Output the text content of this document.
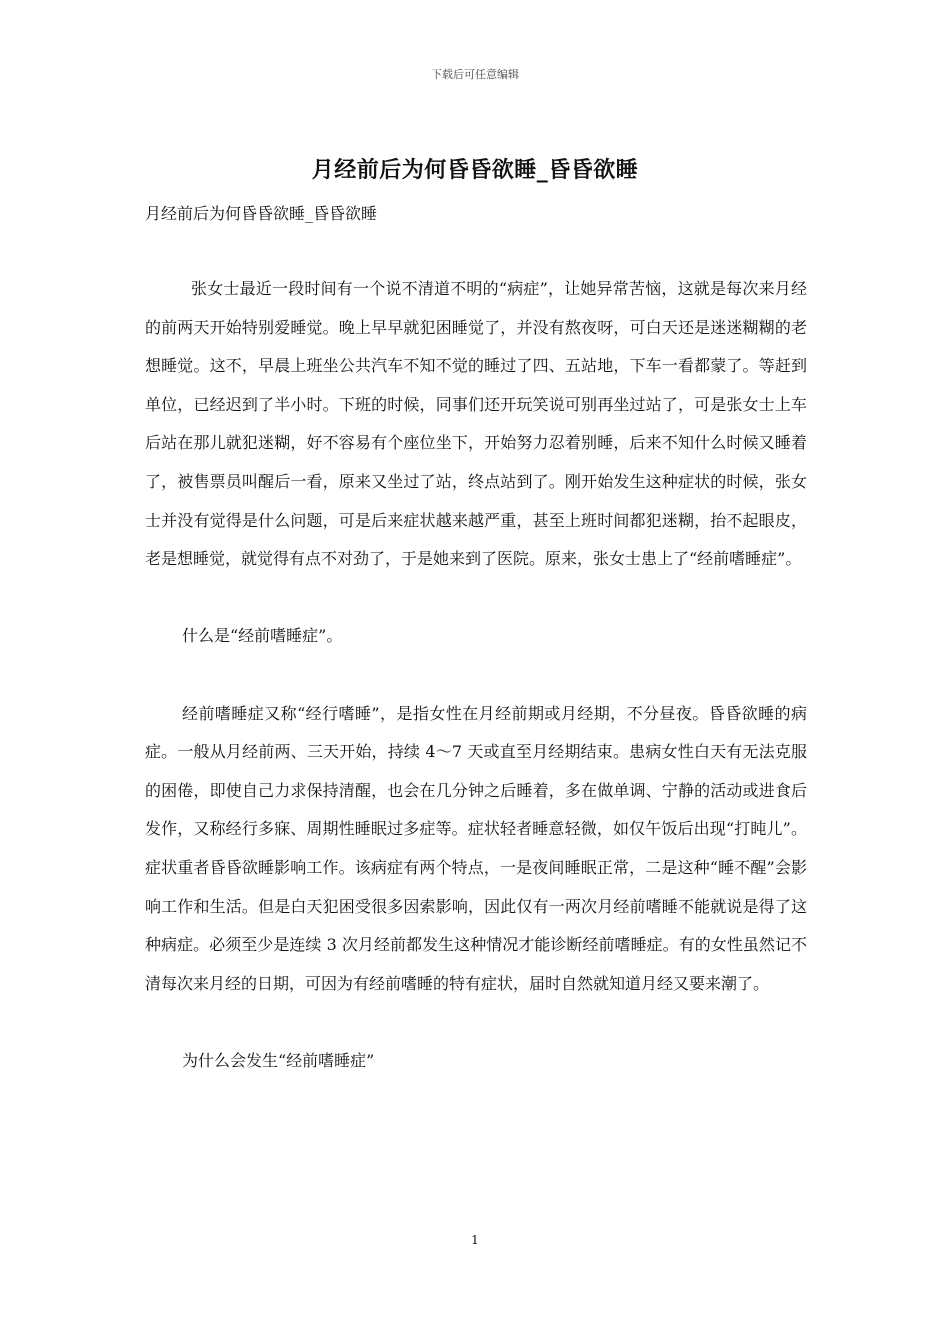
下载后可任意编辑
月经前后为何昏昏欲睡_昏昏欲睡
月经前后为何昏昏欲睡_昏昏欲睡

张女士最近一段时间有一个说不清道不明的“病症”，让她异常苦恼，这就是每次来月经的前两天开始特别爱睡觉。晚上早早就犯困睡觉了，并没有熬夜呀，可白天还是迷迷糊糊的老想睡觉。这不，早晨上班坐公共汽车不知不觉的睡过了四、五站地，下车一看都蒙了。等赶到单位，已经迟到了半小时。下班的时候，同事们还开玩笑说可别再坐过站了，可是张女士上车后站在那儿就犯迷糊，好不容易有个座位坐下，开始努力忍着别睡，后来不知什么时候又睡着了，被售票员叫醒后一看，原来又坐过了站，终点站到了。刚开始发生这种症状的时候，张女士并没有觉得是什么问题，可是后来症状越来越严重，甚至上班时间都犯迷糊，抬不起眼皮，老是想睡觉，就觉得有点不对劲了，于是她来到了医院。原来，张女士患上了“经前嗜睡症”。

什么是“经前嗜睡症”。

经前嗜睡症又称“经行嗜睡”，是指女性在月经前期或月经期，不分昼夜。昏昏欲睡的病症。一般从月经前两、三天开始，持续 4～7 天或直至月经期结束。患病女性白天有无法克服的困倦，即使自己力求保持清醒，也会在几分钟之后睡着，多在做单调、宁静的活动或进食后发作，又称经行多寐、周期性睡眠过多症等。症状轻者睡意轻微，如仅午饭后出现“打盹儿”。症状重者昏昏欲睡影响工作。该病症有两个特点，一是夜间睡眠正常，二是这种“睡不醒”会影响工作和生活。但是白天犯困受很多因索影响，因此仅有一两次月经前嗜睡不能就说是得了这种病症。必须至少是连续 3 次月经前都发生这种情况才能诊断经前嗜睡症。有的女性虽然记不清每次来月经的日期，可因为有经前嗜睡的特有症状，届时自然就知道月经又要来潮了。

为什么会发生“经前嗜睡症”

1
